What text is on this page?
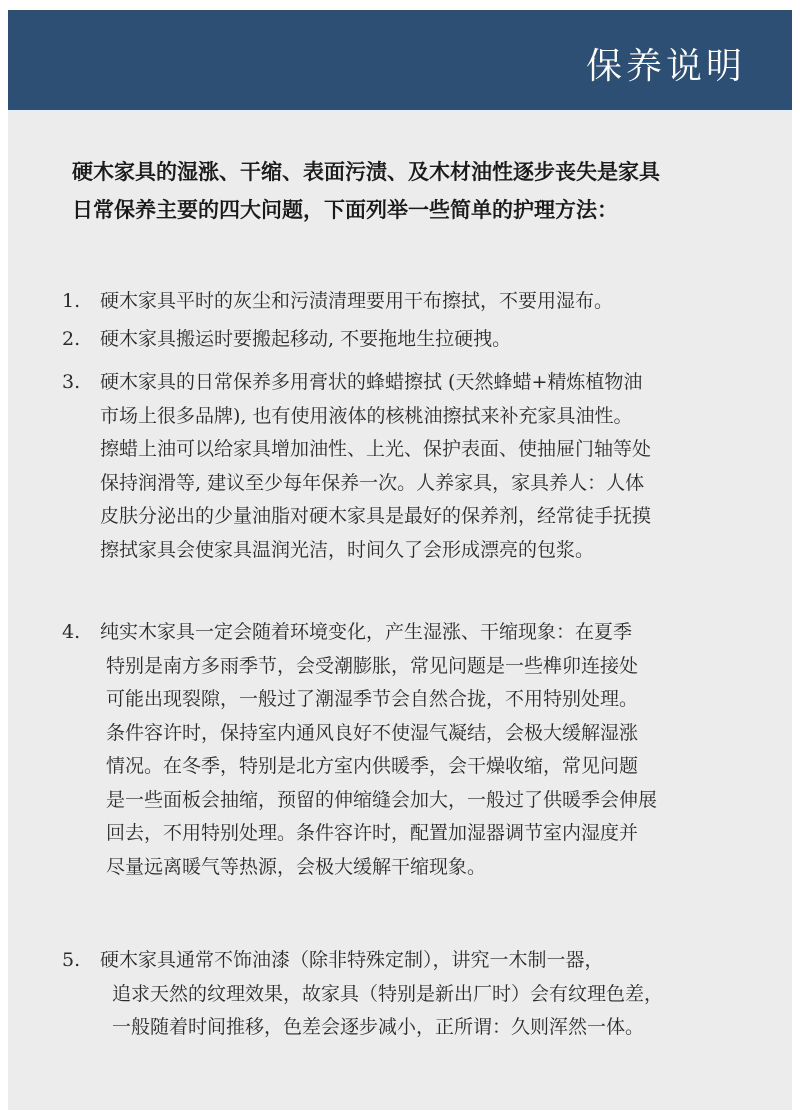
保养说明
硬木家具的湿涨、干缩、表面污渍、及木材油性逐步丧失是家具
日常保养主要的四大问题，下面列举一些简单的护理方法：
1.	硬木家具平时的灰尘和污渍清理要用干布擦拭，不要用湿布。
2.	硬木家具搬运时要搬起移动, 不要拖地生拉硬拽。
3.	硬木家具的日常保养多用膏状的蜂蜡擦拭 (天然蜂蜡+精炼植物油
市场上很多品牌), 也有使用液体的核桃油擦拭来补充家具油性。
擦蜡上油可以给家具增加油性、上光、保护表面、使抽屉门轴等处
保持润滑等, 建议至少每年保养一次。人养家具，家具养人：人体
皮肤分泌出的少量油脂对硬木家具是最好的保养剂，经常徒手抚摸
擦拭家具会使家具温润光洁，时间久了会形成漂亮的包浆。
4.	纯实木家具一定会随着环境变化，产生湿涨、干缩现象：在夏季
特别是南方多雨季节，会受潮膨胀，常见问题是一些榫卯连接处
可能出现裂隙，一般过了潮湿季节会自然合拢，不用特别处理。
条件容许时，保持室内通风良好不使湿气凝结，会极大缓解湿涨
情况。在冬季，特别是北方室内供暖季，会干燥收缩，常见问题
是一些面板会抽缩，预留的伸缩缝会加大，一般过了供暖季会伸展
回去，不用特别处理。条件容许时，配置加湿器调节室内湿度并
尽量远离暖气等热源，会极大缓解干缩现象。
5.	硬木家具通常不饰油漆（除非特殊定制），讲究一木制一器，
追求天然的纹理效果，故家具（特别是新出厂时）会有纹理色差，
一般随着时间推移，色差会逐步减小，正所谓：久则浑然一体。
